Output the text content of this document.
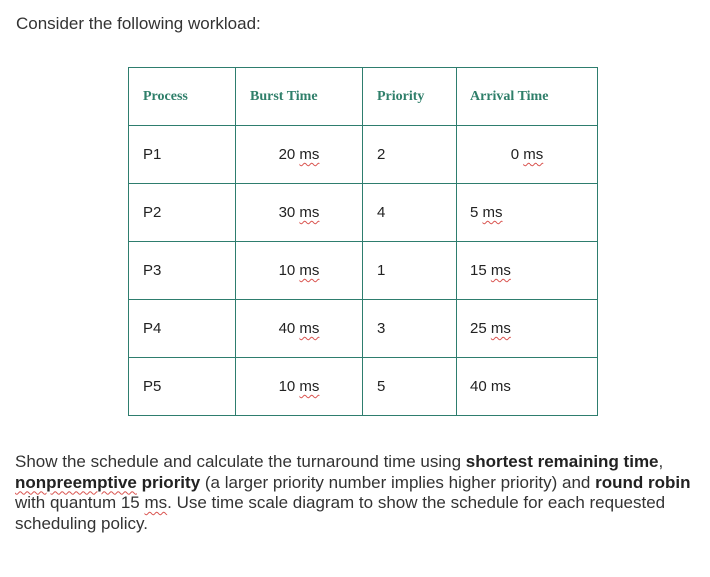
Consider the following workload:
Process	Burst Time	Priority	Arrival Time
P1	20 ms	2	0 ms
P2	30 ms	4	5 ms
P3	10 ms	1	15 ms
P4	40 ms	3	25 ms
P5	10 ms	5	40 ms
Show the schedule and calculate the turnaround time using shortest remaining time, nonpreemptive priority (a larger priority number implies higher priority) and round robin with quantum 15 ms. Use time scale diagram to show the schedule for each requested scheduling policy.
